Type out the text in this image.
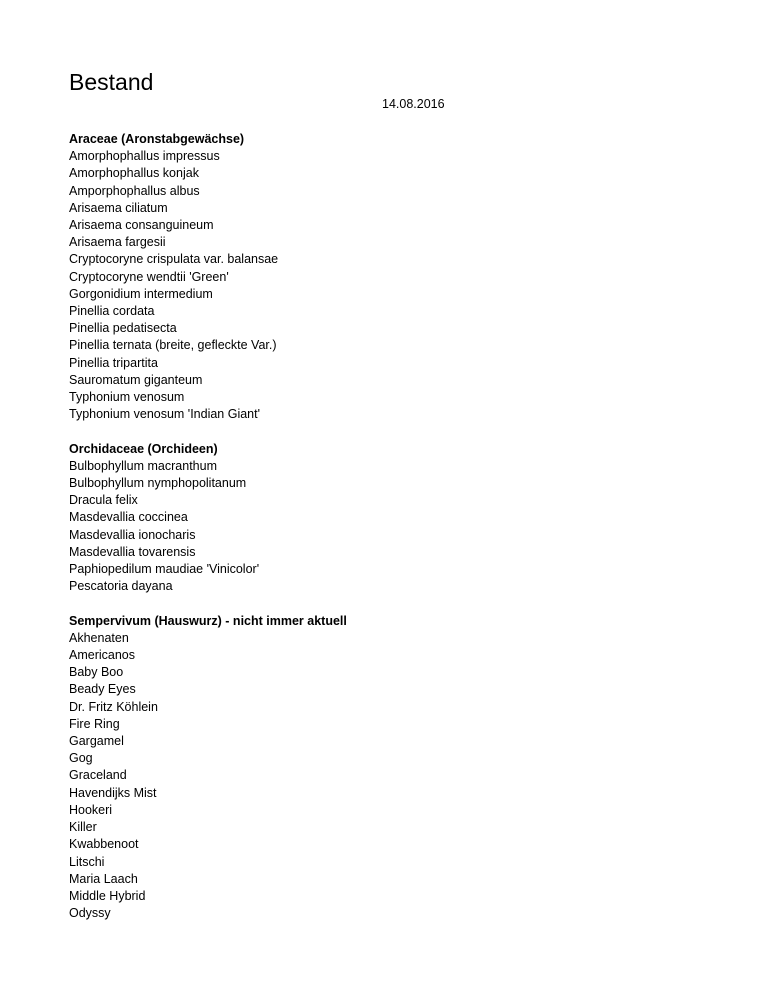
Bestand
14.08.2016
Araceae (Aronstabgewächse)
Amorphophallus impressus
Amorphophallus konjak
Amporphophallus albus
Arisaema ciliatum
Arisaema consanguineum
Arisaema fargesii
Cryptocoryne crispulata var. balansae
Cryptocoryne wendtii 'Green'
Gorgonidium intermedium
Pinellia cordata
Pinellia pedatisecta
Pinellia ternata (breite, gefleckte Var.)
Pinellia tripartita
Sauromatum giganteum
Typhonium venosum
Typhonium venosum 'Indian Giant'
Orchidaceae (Orchideen)
Bulbophyllum macranthum
Bulbophyllum nymphopolitanum
Dracula felix
Masdevallia coccinea
Masdevallia ionocharis
Masdevallia tovarensis
Paphiopedilum maudiae 'Vinicolor'
Pescatoria dayana
Sempervivum (Hauswurz) - nicht immer aktuell
Akhenaten
Americanos
Baby Boo
Beady Eyes
Dr. Fritz Köhlein
Fire Ring
Gargamel
Gog
Graceland
Havendijks Mist
Hookeri
Killer
Kwabbenoot
Litschi
Maria Laach
Middle Hybrid
Odyssy
